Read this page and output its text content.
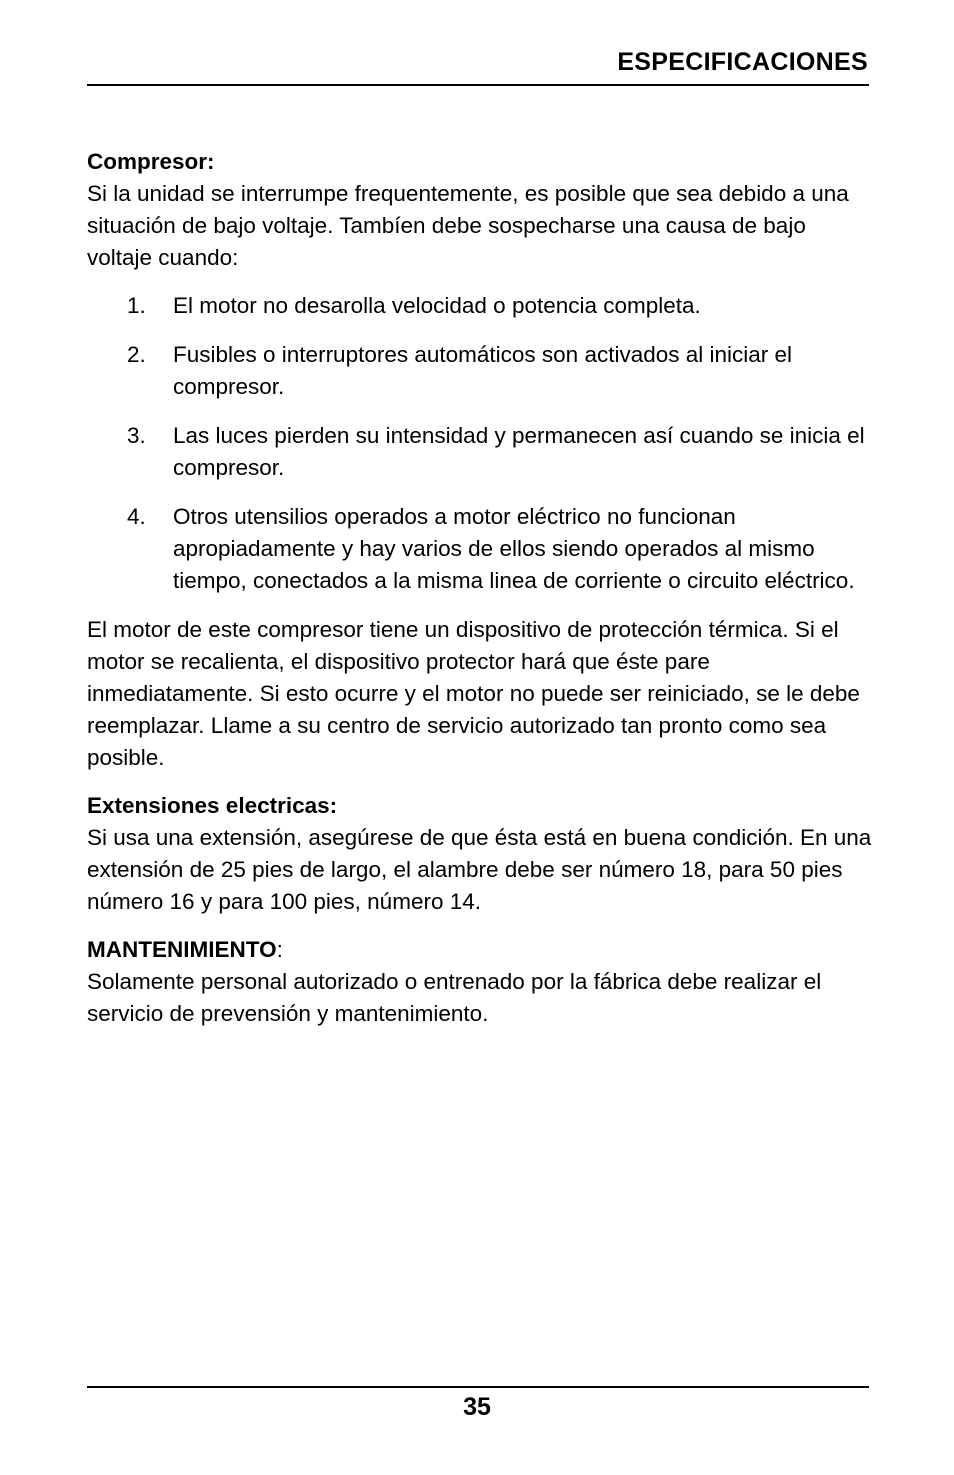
ESPECIFICACIONES

Compresor:

Si la unidad se interrumpe frequentemente, es posible que sea debido a una situación de bajo voltaje. Tambíen debe sospecharse una causa de bajo voltaje cuando:

1. El motor no desarolla velocidad o potencia completa.
2. Fusibles o interruptores automáticos son activados al iniciar el compresor.
3. Las luces pierden su intensidad y permanecen así cuando se inicia el compresor.
4. Otros utensilios operados a motor eléctrico no funcionan apropiadamente y hay varios de ellos siendo operados al mismo tiempo, conectados a la misma linea de corriente o circuito eléctrico.

El motor de este compresor tiene un dispositivo de protección térmica. Si el motor se recalienta, el dispositivo protector hará que éste pare inmediatamente. Si esto ocurre y el motor no puede ser reiniciado, se le debe reemplazar. Llame a su centro de servicio autorizado tan pronto como sea posible.

Extensiones electricas:

Si usa una extensión, asegúrese de que ésta está en buena condición. En una extensión de 25 pies de largo, el alambre debe ser número 18, para 50 pies número 16 y para 100 pies, número 14.

MANTENIMIENTO:

Solamente personal autorizado o entrenado por la fábrica debe realizar el servicio de prevensión y mantenimiento.

35
